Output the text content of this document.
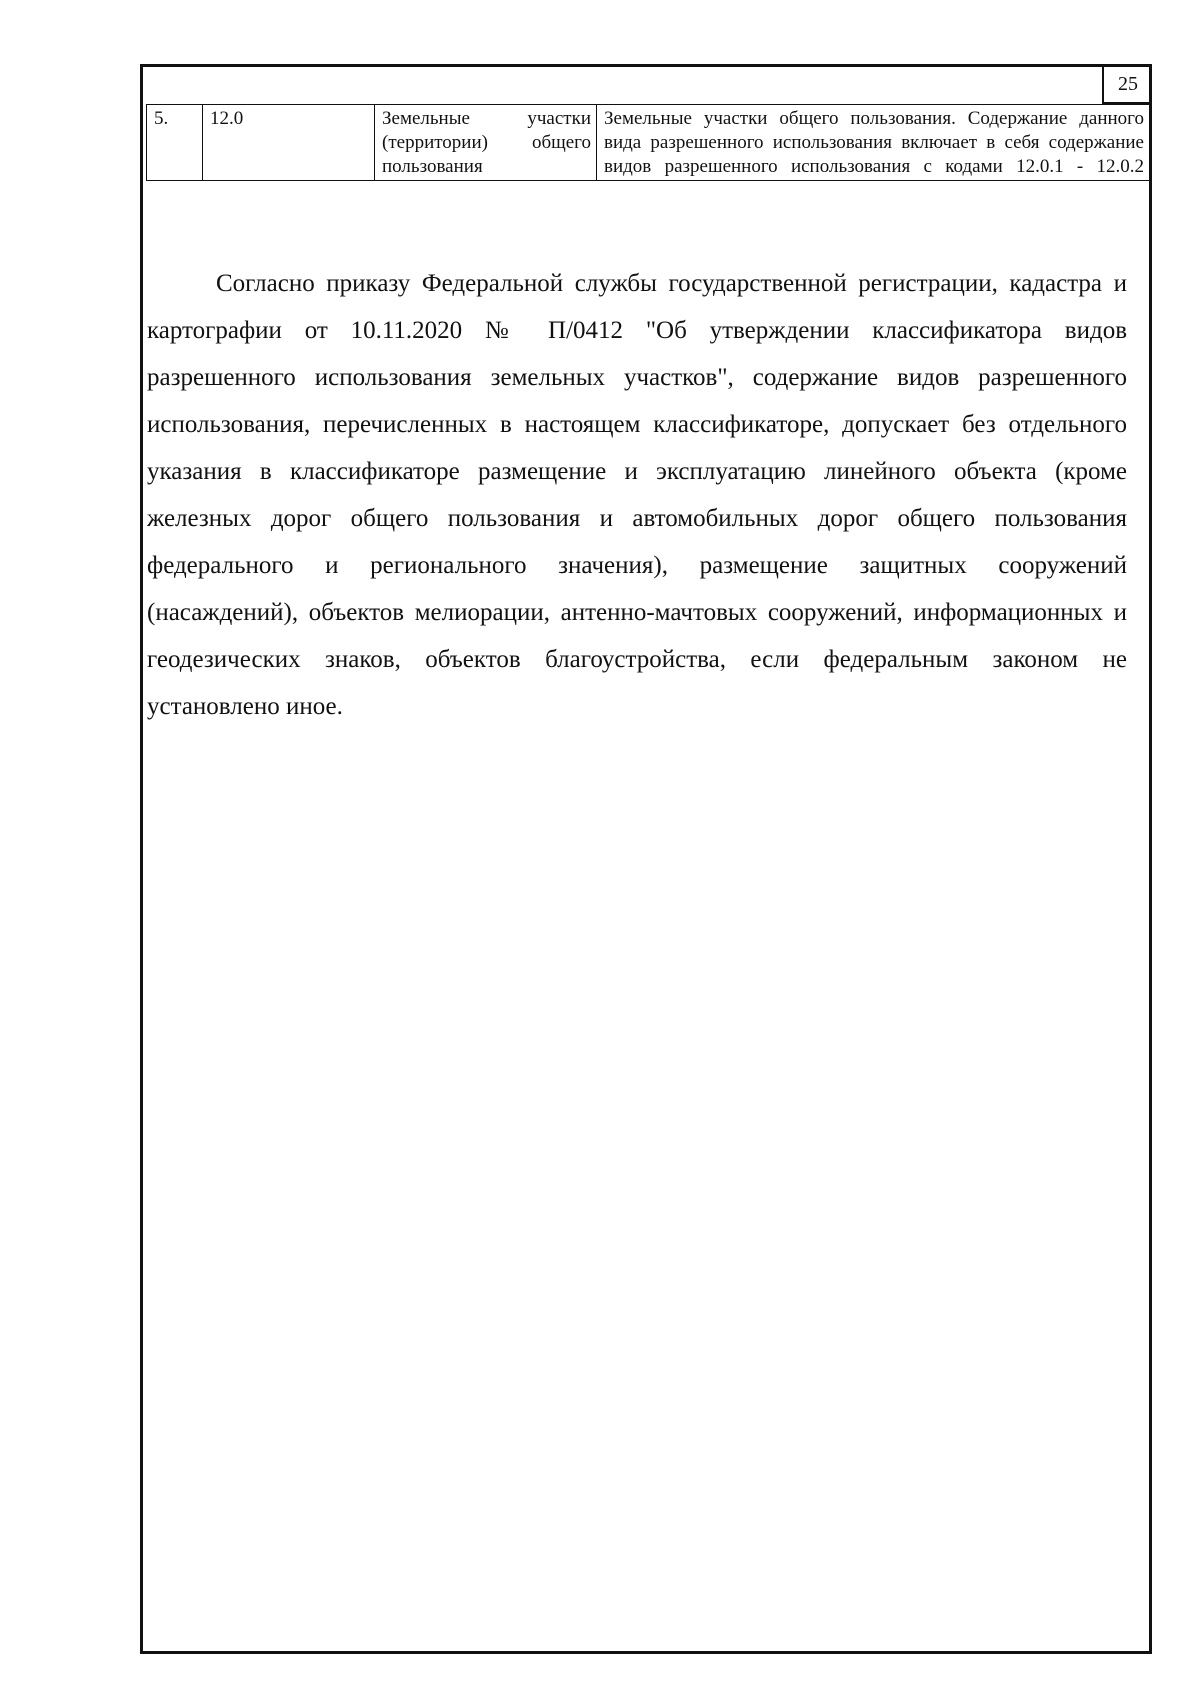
25
5.	12.0	Земельные участки (территории) общего пользования	Земельные участки общего пользования. Содержание данного вида разрешенного использования включает в себя содержание видов разрешенного использования с кодами 12.0.1 - 12.0.2

Согласно приказу Федеральной службы государственной регистрации, кадастра и картографии от 10.11.2020 № П/0412 "Об утверждении классификатора видов разрешенного использования земельных участков", содержание видов разрешенного использования, перечисленных в настоящем классификаторе, допускает без отдельного указания в классификаторе размещение и эксплуатацию линейного объекта (кроме железных дорог общего пользования и автомобильных дорог общего пользования федерального и регионального значения), размещение защитных сооружений (насаждений), объектов мелиорации, антенно-мачтовых сооружений, информационных и геодезических знаков, объектов благоустройства, если федеральным законом не установлено иное.
